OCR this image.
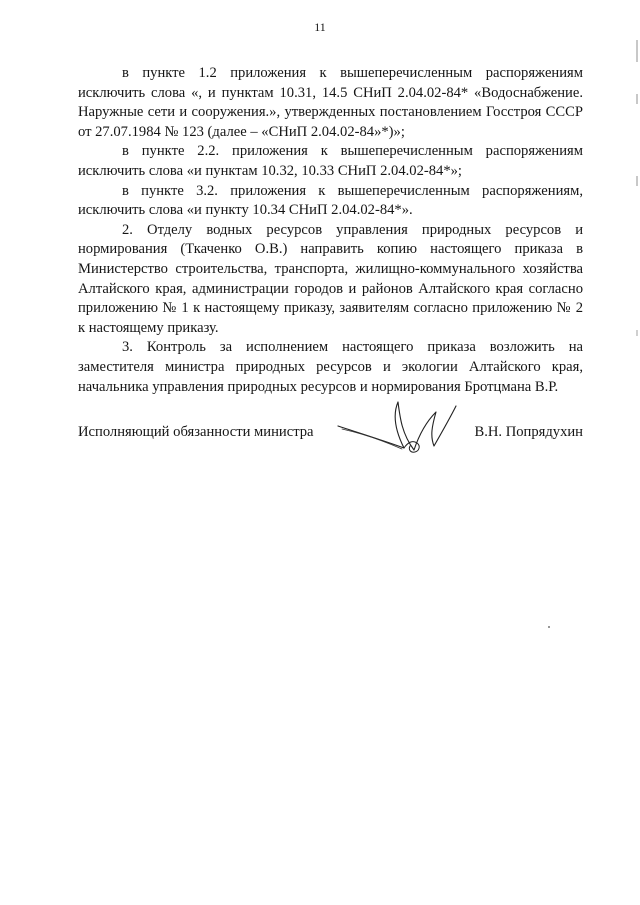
11

в пункте 1.2 приложения к вышеперечисленным распоряжениям исключить слова «, и пунктам 10.31, 14.5 СНиП 2.04.02-84* «Водоснабжение. Наружные сети и сооружения.», утвержденных постановлением Госстроя СССР от 27.07.1984 № 123 (далее – «СНиП 2.04.02-84»*)»;

в пункте 2.2. приложения к вышеперечисленным распоряжениям исключить слова «и пунктам 10.32, 10.33 СНиП 2.04.02-84*»;

в пункте 3.2. приложения к вышеперечисленным распоряжениям, исключить слова «и пункту 10.34 СНиП 2.04.02-84*».

2. Отделу водных ресурсов управления природных ресурсов и нормирования (Ткаченко О.В.) направить копию настоящего приказа в Министерство строительства, транспорта, жилищно-коммунального хозяйства Алтайского края, администрации городов и районов Алтайского края согласно приложению № 1 к настоящему приказу, заявителям согласно приложению № 2 к настоящему приказу.

3. Контроль за исполнением настоящего приказа возложить на заместителя министра природных ресурсов и экологии Алтайского края, начальника управления природных ресурсов и нормирования Бротцмана В.Р.

Исполняющий обязанности министра	В.Н. Попрядухин
